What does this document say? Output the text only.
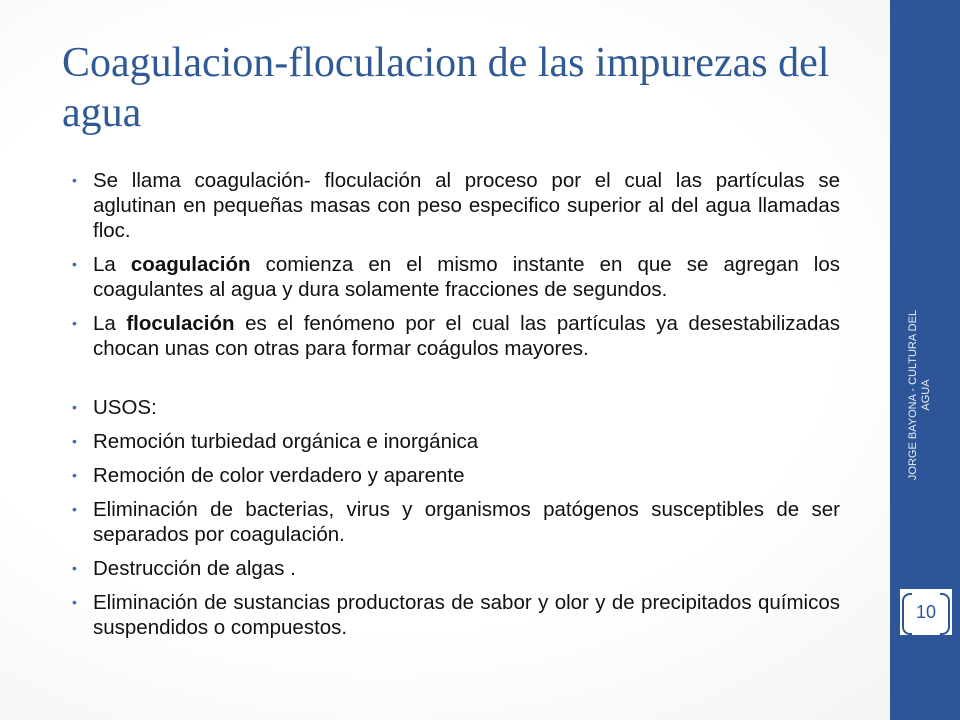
Coagulacion-floculacion de las impurezas del agua
• Se llama coagulación- floculación al proceso por el cual las partículas se aglutinan en pequeñas masas con peso especifico superior al del agua llamadas floc.
• La coagulación comienza en el mismo instante en que se agregan los coagulantes al agua y dura solamente fracciones de segundos.
• La floculación es el fenómeno por el cual las partículas ya desestabilizadas chocan unas con otras para formar coágulos mayores.
• USOS:
• Remoción turbiedad orgánica e inorgánica
• Remoción de color verdadero y aparente
• Eliminación de bacterias, virus y organismos patógenos susceptibles de ser separados por coagulación.
• Destrucción de algas .
• Eliminación de sustancias productoras de sabor y olor y de precipitados químicos suspendidos o compuestos.
JORGE BAYONA - CULTURA DEL
AGUA
10
